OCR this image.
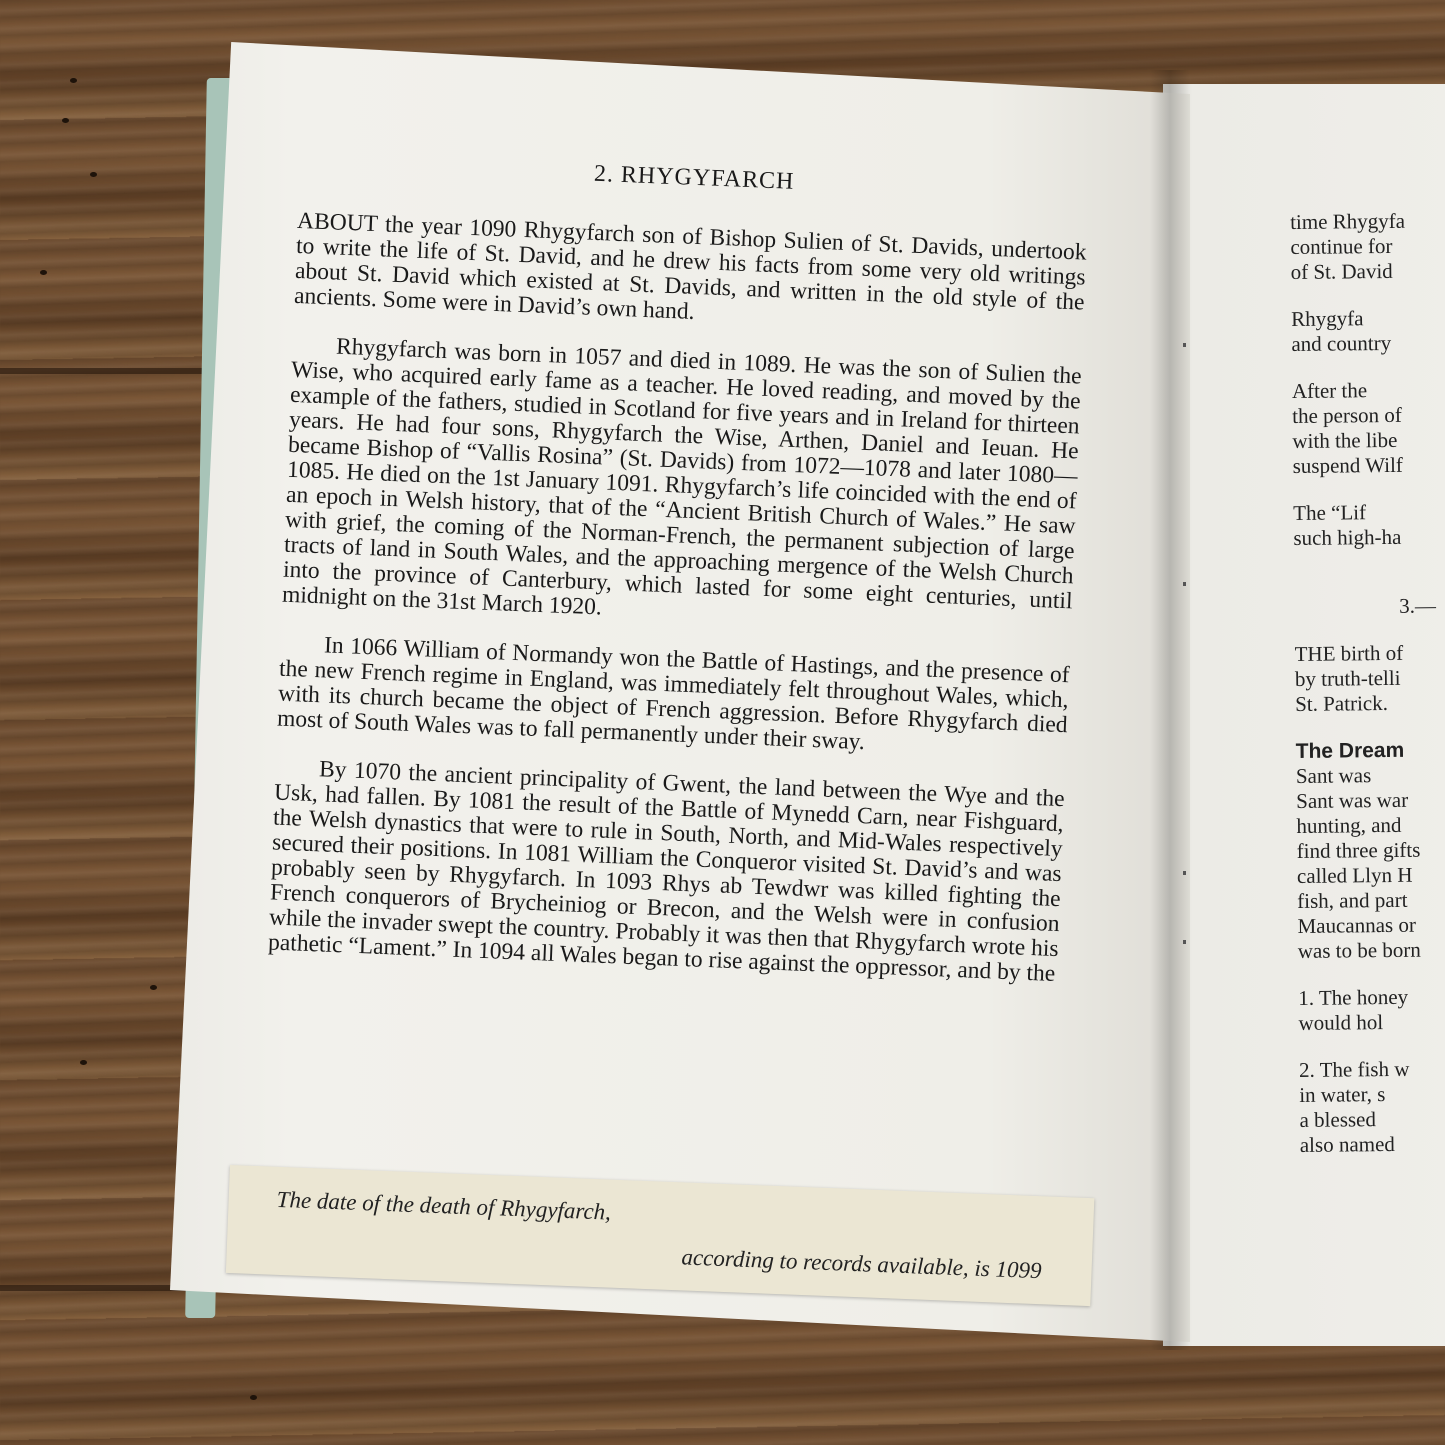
2. RHYGYFARCH

ABOUT the year 1090 Rhygyfarch son of Bishop Sulien of St. Davids, undertook to write the life of St. David, and he drew his facts from some very old writings about St. David which existed at St. Davids, and written in the old style of the ancients. Some were in David’s own hand.

Rhygyfarch was born in 1057 and died in 1089. He was the son of Sulien the Wise, who acquired early fame as a teacher. He loved reading, and moved by the example of the fathers, studied in Scotland for five years and in Ireland for thirteen years. He had four sons, Rhygyfarch the Wise, Arthen, Daniel and Ieuan. He became Bishop of “Vallis Rosina” (St. Davids) from 1072—1078 and later 1080—1085. He died on the 1st January 1091. Rhygyfarch’s life coincided with the end of an epoch in Welsh history, that of the “Ancient British Church of Wales.” He saw with grief, the coming of the Norman-French, the permanent subjection of large tracts of land in South Wales, and the approaching mergence of the Welsh Church into the province of Canterbury, which lasted for some eight centuries, until midnight on the 31st March 1920.

In 1066 William of Normandy won the Battle of Hastings, and the presence of the new French regime in England, was immediately felt throughout Wales, which, with its church became the object of French aggression. Before Rhygyfarch died most of South Wales was to fall permanently under their sway.

By 1070 the ancient principality of Gwent, the land between the Wye and the Usk, had fallen. By 1081 the result of the Battle of Mynedd Carn, near Fishguard, the Welsh dynastics that were to rule in South, North, and Mid-Wales respectively secured their positions. In 1081 William the Conqueror visited St. David’s and was probably seen by Rhygyfarch. In 1093 Rhys ab Tewdwr was killed fighting the French conquerors of Brycheiniog or Brecon, and the Welsh were in confusion while the invader swept the country. Probably it was then that Rhygyfarch wrote his pathetic “Lament.” In 1094 all Wales began to rise against the oppressor, and by the

The date of the death of Rhygyfarch,
according to records available, is 1099
time Rhygyfa
continue for
of St. David
Rhygyfa
and country
After the
the person of
with the libe
suspend Wilf
The “Lif
such high-ha
3.—
THE birth of
by truth-telli
St. Patrick.
The Dream
Sant was
Sant was war
hunting, and
find three gifts
called Llyn H
fish, and part
Maucannas or
was to be born
1. The honey
would hol
2. The fish w
in water, s
a blessed
also named
